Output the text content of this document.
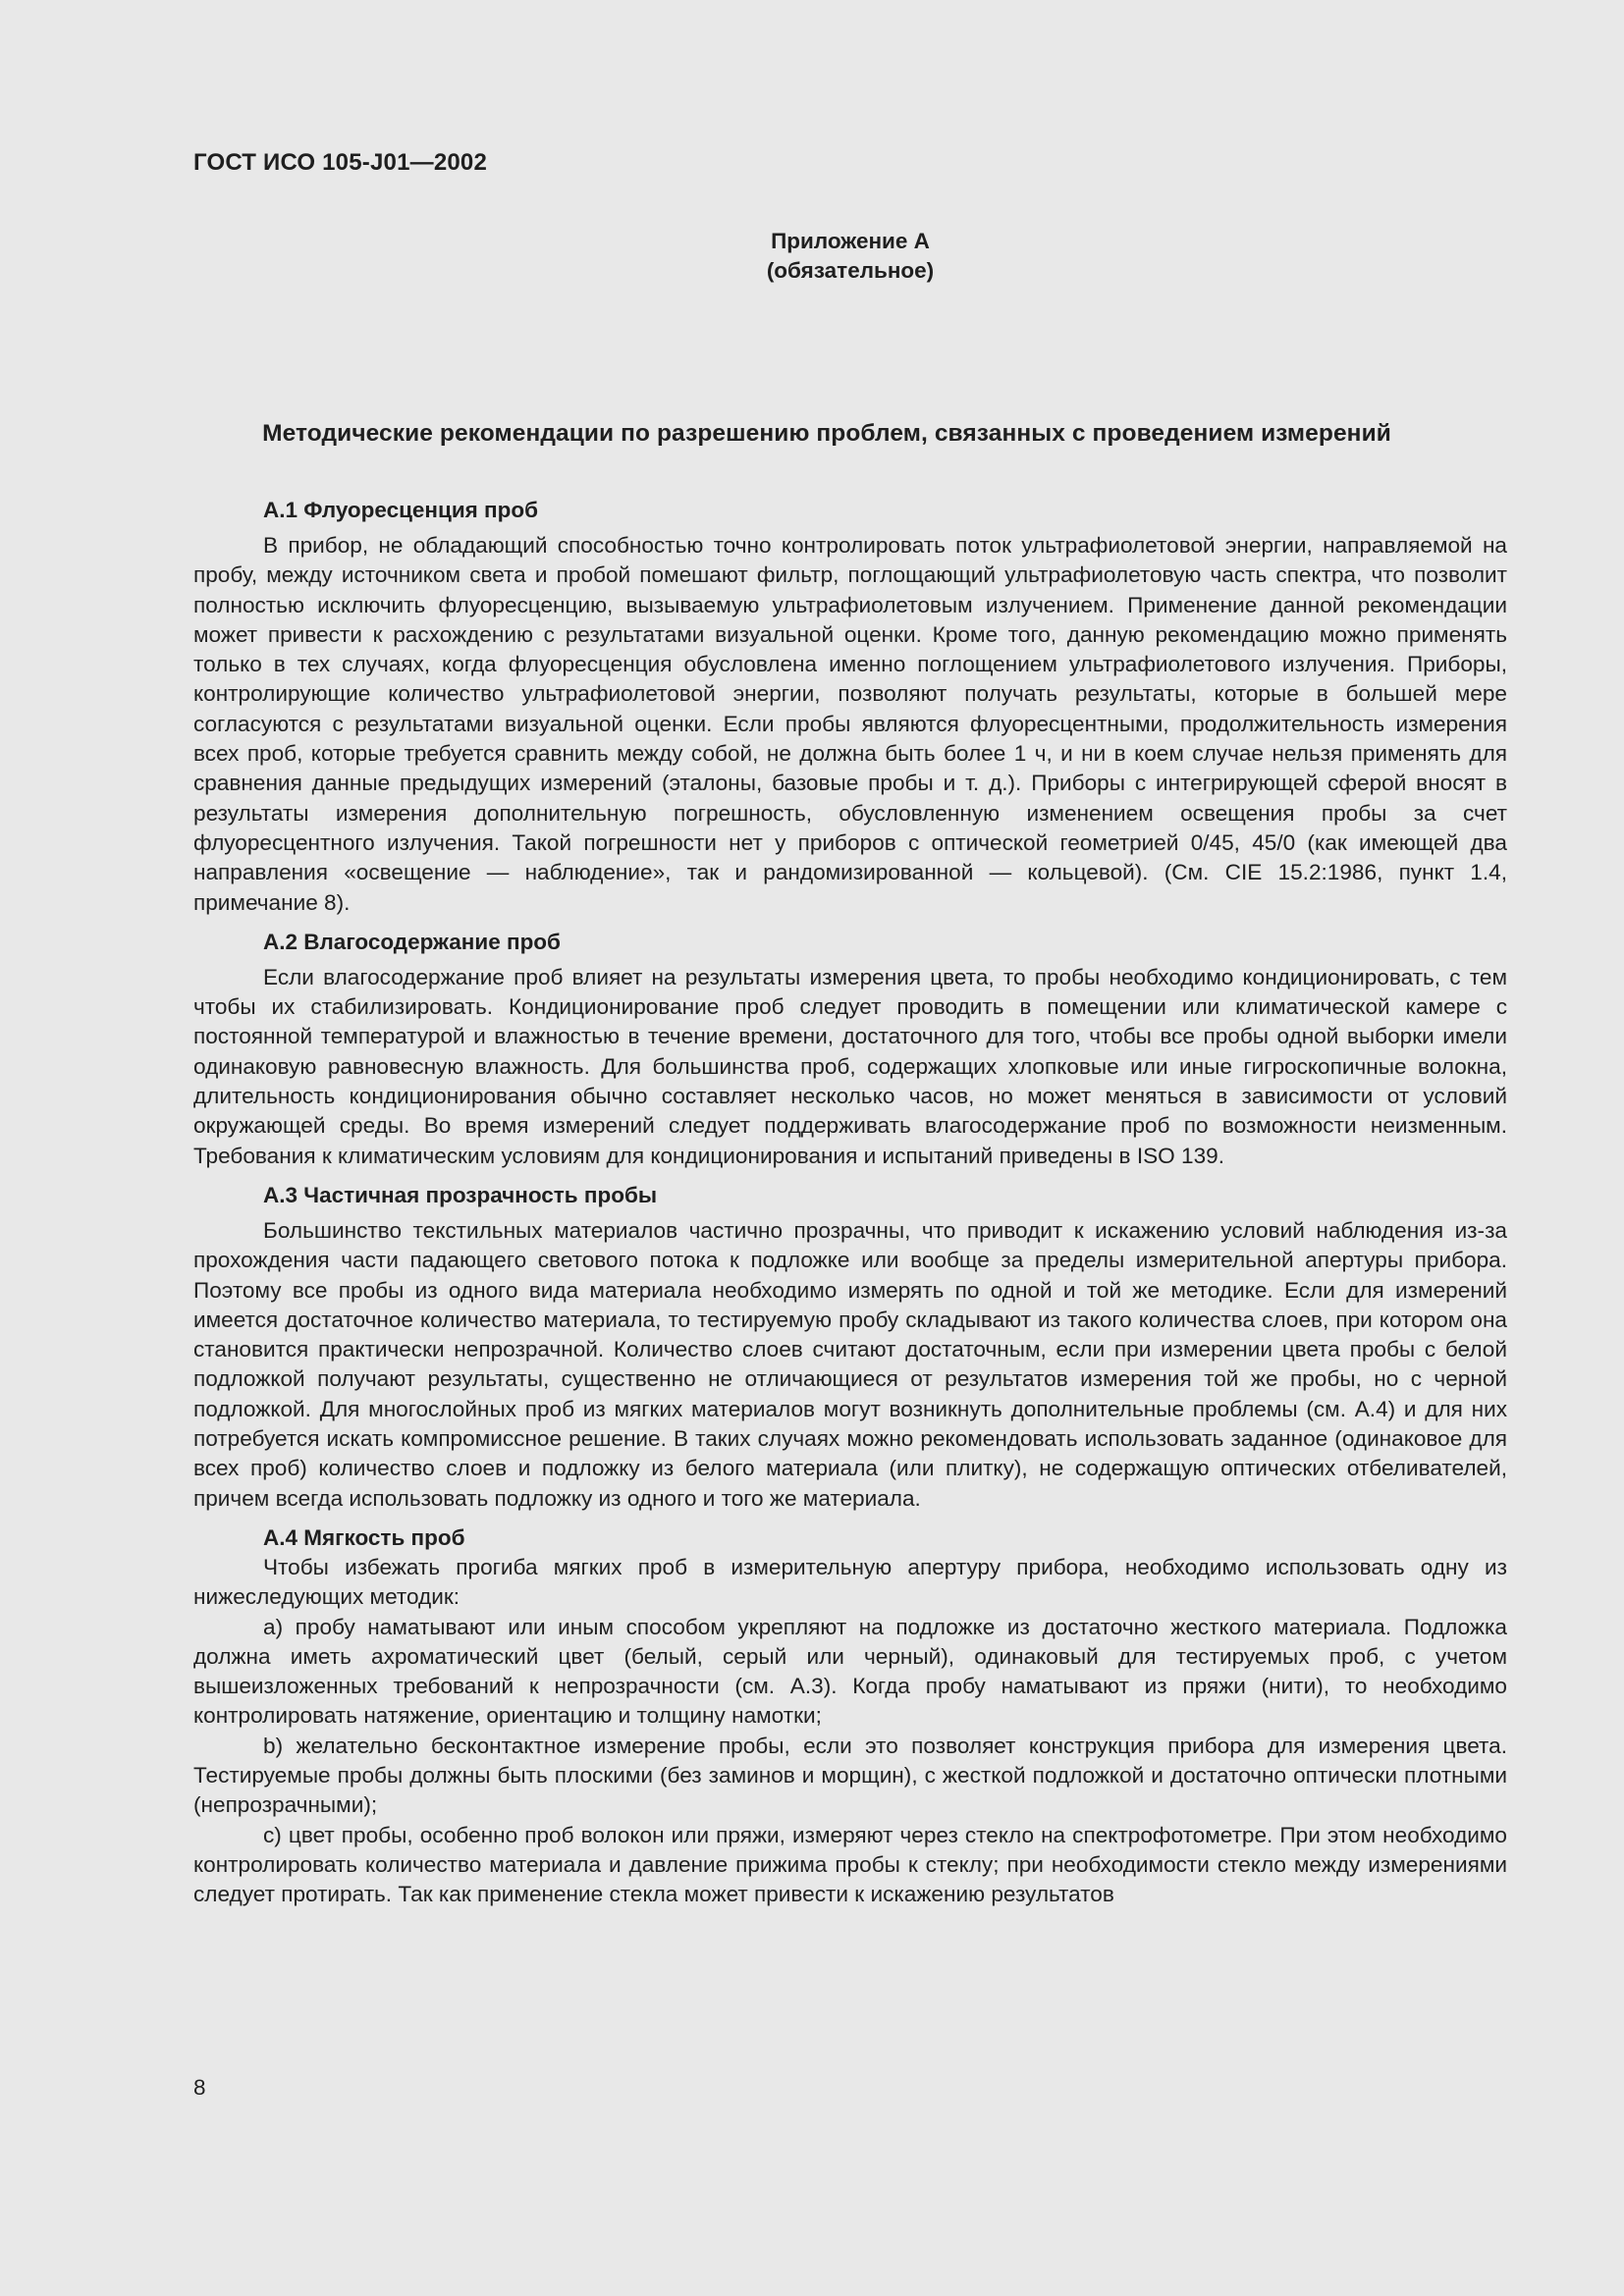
ГОСТ ИСО 105-J01—2002
Приложение А
(обязательное)
Методические рекомендации по разрешению проблем, связанных с проведением измерений

А.1 Флуоресценция проб

В прибор, не обладающий способностью точно контролировать поток ультрафиолетовой энергии, направляемой на пробу, между источником света и пробой помешают фильтр, поглощающий ультрафиолетовую часть спектра, что позволит полностью исключить флуоресценцию, вызываемую ультрафиолетовым излучением. Применение данной рекомендации может привести к расхождению с результатами визуальной оценки. Кроме того, данную рекомендацию можно применять только в тех случаях, когда флуоресценция обусловлена именно поглощением ультрафиолетового излучения. Приборы, контролирующие количество ультрафиолетовой энергии, позволяют получать результаты, которые в большей мере согласуются с результатами визуальной оценки. Если пробы являются флуоресцентными, продолжительность измерения всех проб, которые требуется сравнить между собой, не должна быть более 1 ч, и ни в коем случае нельзя применять для сравнения данные предыдущих измерений (эталоны, базовые пробы и т. д.). Приборы с интегрирующей сферой вносят в результаты измерения дополнительную погрешность, обусловленную изменением освещения пробы за счет флуоресцентного излучения. Такой погрешности нет у приборов с оптической геометрией 0/45, 45/0 (как имеющей два направления «освещение — наблюдение», так и рандомизированной — кольцевой). (См. CIE 15.2:1986, пункт 1.4, примечание 8).

А.2 Влагосодержание проб

Если влагосодержание проб влияет на результаты измерения цвета, то пробы необходимо кондиционировать, с тем чтобы их стабилизировать. Кондиционирование проб следует проводить в помещении или климатической камере с постоянной температурой и влажностью в течение времени, достаточного для того, чтобы все пробы одной выборки имели одинаковую равновесную влажность. Для большинства проб, содержащих хлопковые или иные гигроскопичные волокна, длительность кондиционирования обычно составляет несколько часов, но может меняться в зависимости от условий окружающей среды. Во время измерений следует поддерживать влагосодержание проб по возможности неизменным. Требования к климатическим условиям для кондиционирования и испытаний приведены в ISO 139.

А.3 Частичная прозрачность пробы

Большинство текстильных материалов частично прозрачны, что приводит к искажению условий наблюдения из-за прохождения части падающего светового потока к подложке или вообще за пределы измерительной апертуры прибора. Поэтому все пробы из одного вида материала необходимо измерять по одной и той же методике. Если для измерений имеется достаточное количество материала, то тестируемую пробу складывают из такого количества слоев, при котором она становится практически непрозрачной. Количество слоев считают достаточным, если при измерении цвета пробы с белой подложкой получают результаты, существенно не отличающиеся от результатов измерения той же пробы, но с черной подложкой. Для многослойных проб из мягких материалов могут возникнуть дополнительные проблемы (см. А.4) и для них потребуется искать компромиссное решение. В таких случаях можно рекомендовать использовать заданное (одинаковое для всех проб) количество слоев и подложку из белого материала (или плитку), не содержащую оптических отбеливателей, причем всегда использовать подложку из одного и того же материала.

А.4 Мягкость проб

Чтобы избежать прогиба мягких проб в измерительную апертуру прибора, необходимо использовать одну из нижеследующих методик:

а) пробу наматывают или иным способом укрепляют на подложке из достаточно жесткого материала. Подложка должна иметь ахроматический цвет (белый, серый или черный), одинаковый для тестируемых проб, с учетом вышеизложенных требований к непрозрачности (см. А.3). Когда пробу наматывают из пряжи (нити), то необходимо контролировать натяжение, ориентацию и толщину намотки;

b) желательно бесконтактное измерение пробы, если это позволяет конструкция прибора для измерения цвета. Тестируемые пробы должны быть плоскими (без заминов и морщин), с жесткой подложкой и достаточно оптически плотными (непрозрачными);

c) цвет пробы, особенно проб волокон или пряжи, измеряют через стекло на спектрофотометре. При этом необходимо контролировать количество материала и давление прижима пробы к стеклу; при необходимости стекло между измерениями следует протирать. Так как применение стекла может привести к искажению результатов

8
